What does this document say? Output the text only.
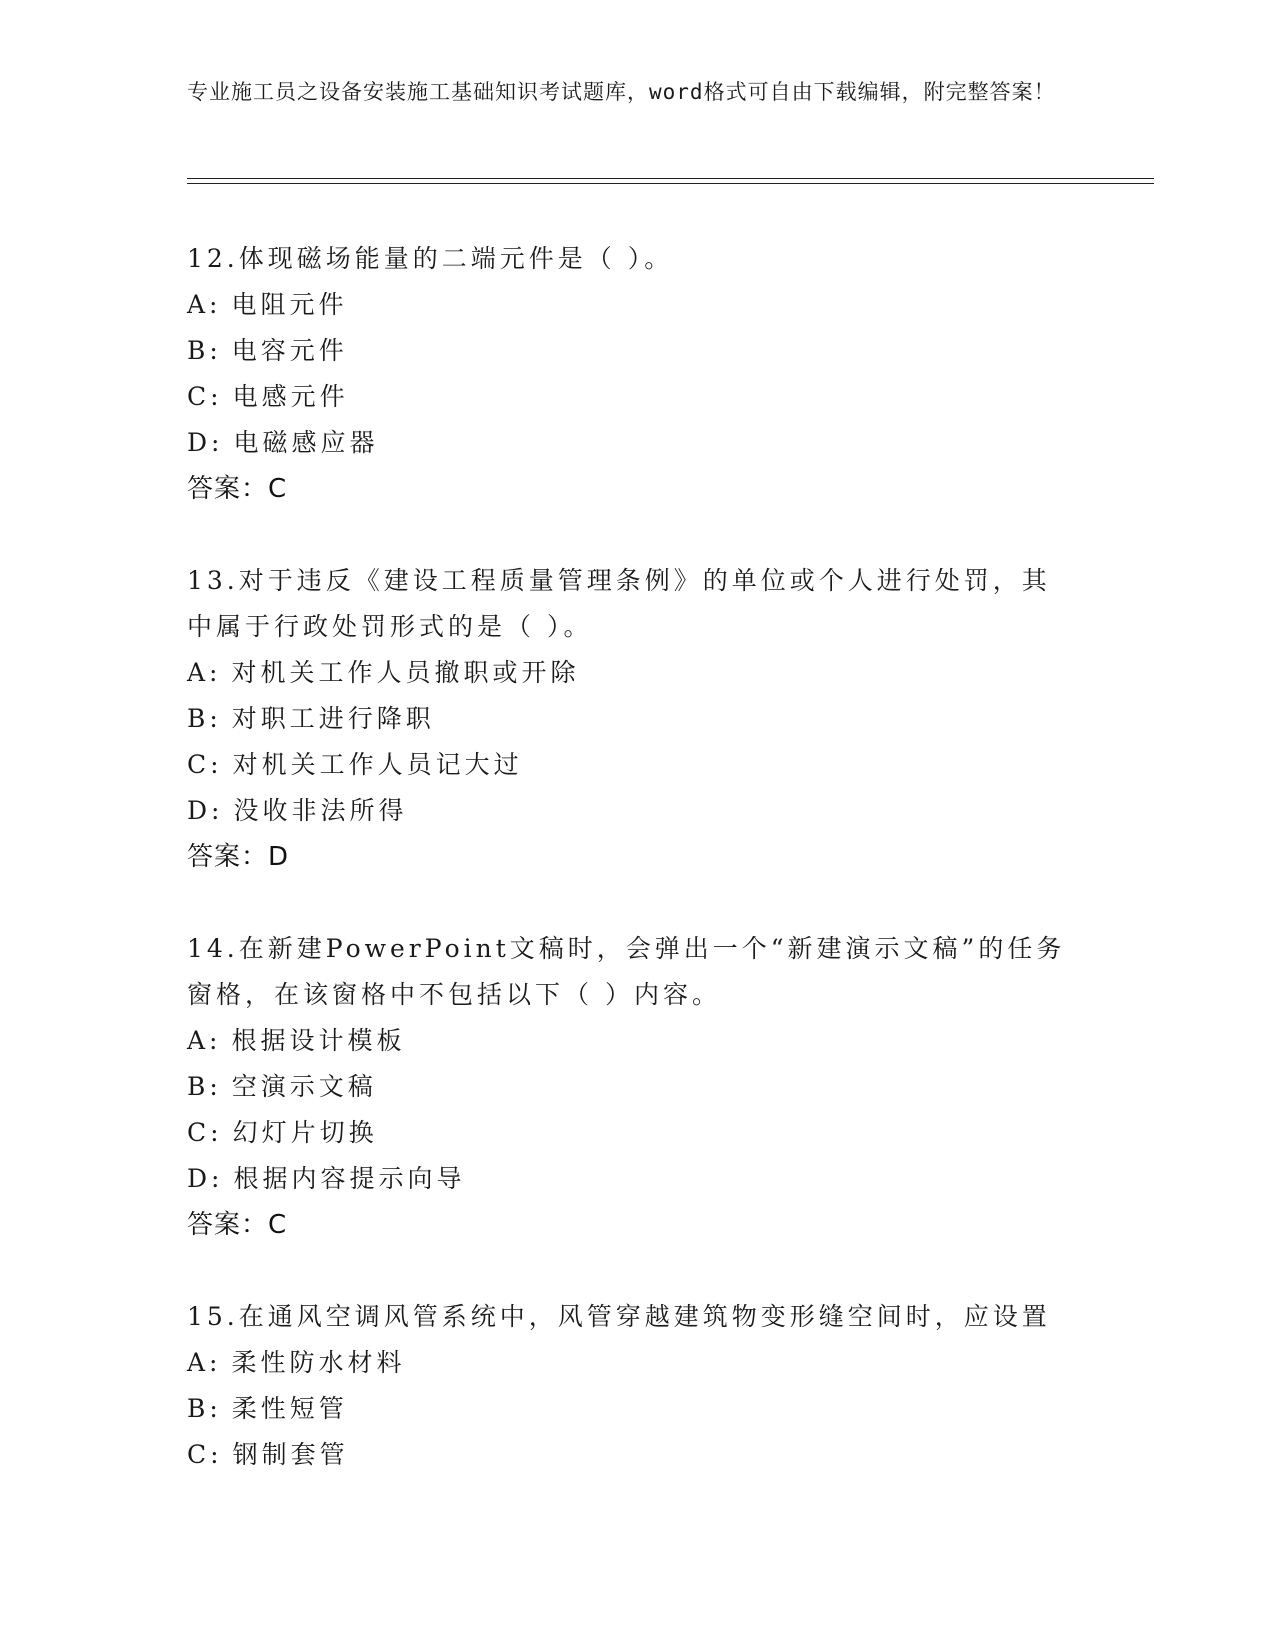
专业施工员之设备安装施工基础知识考试题库，word格式可自由下载编辑，附完整答案！
12.体现磁场能量的二端元件是（ ）。
A: 电阻元件
B: 电容元件
C: 电感元件
D: 电磁感应器
答案：C
13.对于违反《建设工程质量管理条例》的单位或个人进行处罚，其中属于行政处罚形式的是（ ）。
A: 对机关工作人员撤职或开除
B: 对职工进行降职
C: 对机关工作人员记大过
D: 没收非法所得
答案：D
14.在新建PowerPoint文稿时，会弹出一个“新建演示文稿”的任务窗格，在该窗格中不包括以下（ ）内容。
A: 根据设计模板
B: 空演示文稿
C: 幻灯片切换
D: 根据内容提示向导
答案：C
15.在通风空调风管系统中，风管穿越建筑物变形缝空间时，应设置
A: 柔性防水材料
B: 柔性短管
C: 钢制套管
